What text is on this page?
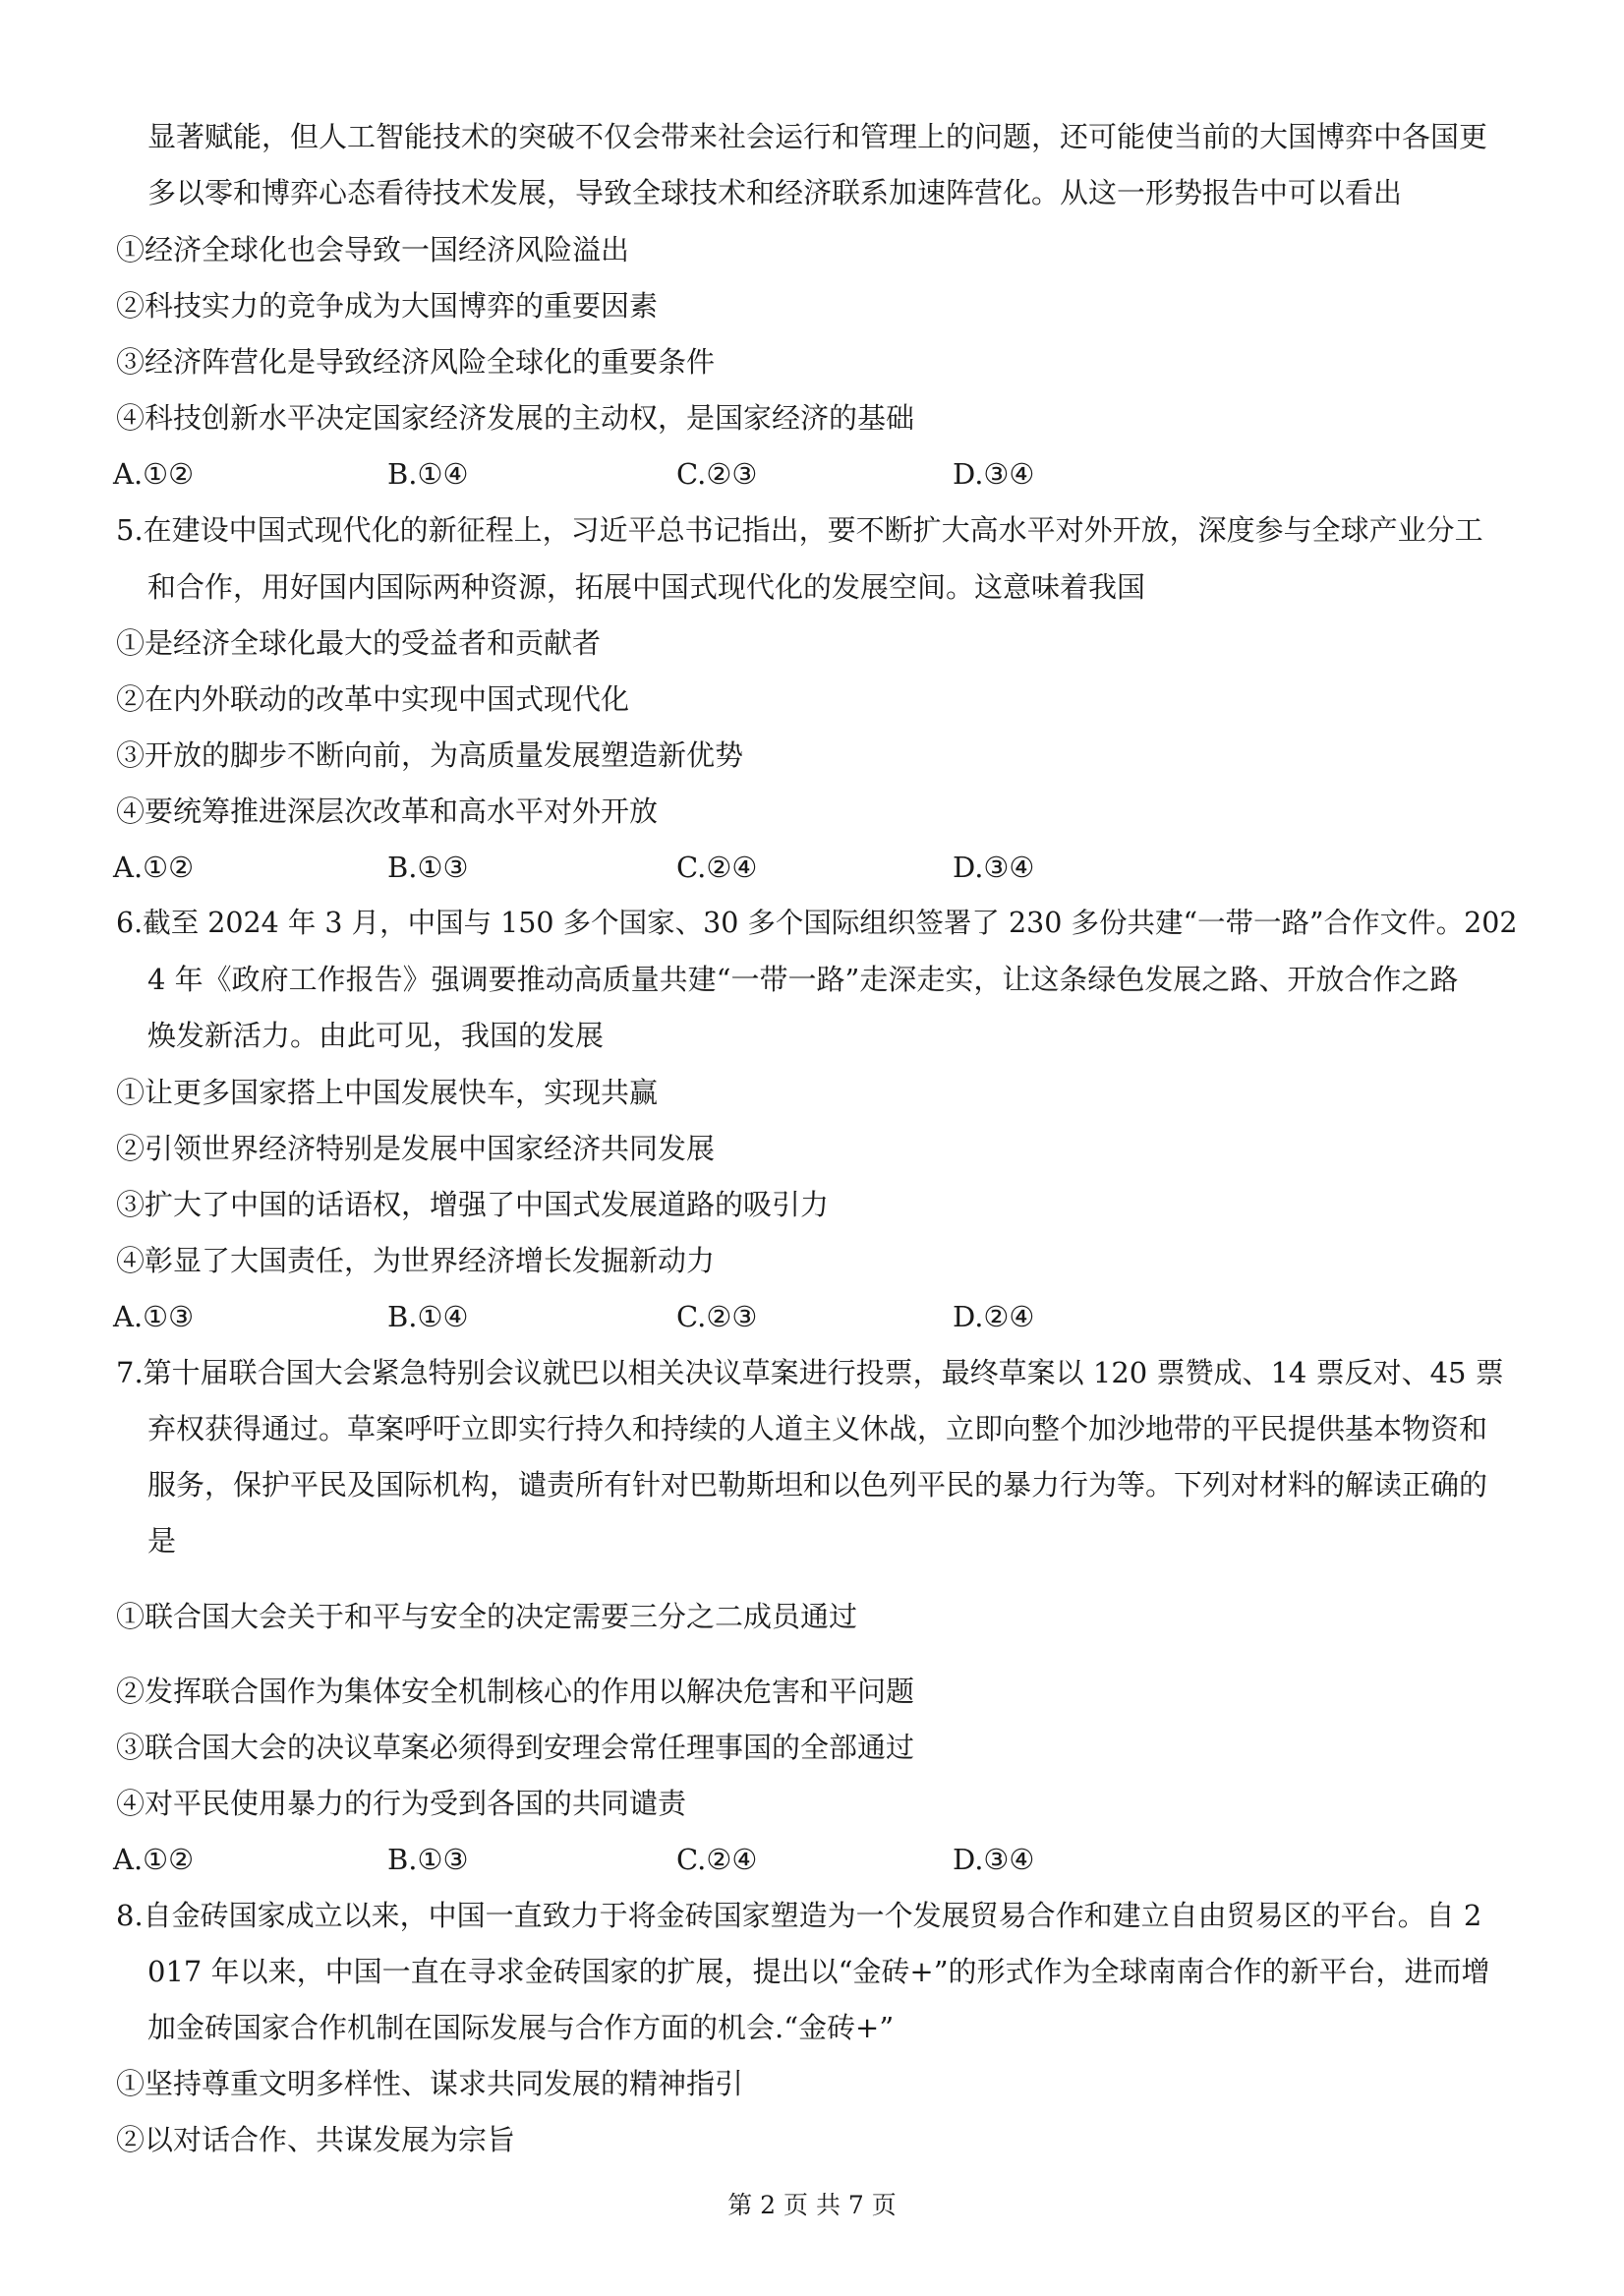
显著赋能，但人工智能技术的突破不仅会带来社会运行和管理上的问题，还可能使当前的大国博弈中各国更
多以零和博弈心态看待技术发展，导致全球技术和经济联系加速阵营化。从这一形势报告中可以看出
①经济全球化也会导致一国经济风险溢出
②科技实力的竞争成为大国博弈的重要因素
③经济阵营化是导致经济风险全球化的重要条件
④科技创新水平决定国家经济发展的主动权，是国家经济的基础
A.①②	B.①④	C.②③	D.③④
5.在建设中国式现代化的新征程上，习近平总书记指出，要不断扩大高水平对外开放，深度参与全球产业分工
和合作，用好国内国际两种资源，拓展中国式现代化的发展空间。这意味着我国
①是经济全球化最大的受益者和贡献者
②在内外联动的改革中实现中国式现代化
③开放的脚步不断向前，为高质量发展塑造新优势
④要统筹推进深层次改革和高水平对外开放
A.①②	B.①③	C.②④	D.③④
6.截至 2024 年 3 月，中国与 150 多个国家、30 多个国际组织签署了 230 多份共建“一带一路”合作文件。202
4 年《政府工作报告》强调要推动高质量共建“一带一路”走深走实，让这条绿色发展之路、开放合作之路
焕发新活力。由此可见，我国的发展
①让更多国家搭上中国发展快车，实现共赢
②引领世界经济特别是发展中国家经济共同发展
③扩大了中国的话语权，增强了中国式发展道路的吸引力
④彰显了大国责任，为世界经济增长发掘新动力
A.①③	B.①④	C.②③	D.②④
7.第十届联合国大会紧急特别会议就巴以相关决议草案进行投票，最终草案以 120 票赞成、14 票反对、45 票
弃权获得通过。草案呼吁立即实行持久和持续的人道主义休战，立即向整个加沙地带的平民提供基本物资和
服务，保护平民及国际机构，谴责所有针对巴勒斯坦和以色列平民的暴力行为等。下列对材料的解读正确的
是
①联合国大会关于和平与安全的决定需要三分之二成员通过
②发挥联合国作为集体安全机制核心的作用以解决危害和平问题
③联合国大会的决议草案必须得到安理会常任理事国的全部通过
④对平民使用暴力的行为受到各国的共同谴责
A.①②	B.①③	C.②④	D.③④
8.自金砖国家成立以来，中国一直致力于将金砖国家塑造为一个发展贸易合作和建立自由贸易区的平台。自 2
017 年以来，中国一直在寻求金砖国家的扩展，提出以“金砖+”的形式作为全球南南合作的新平台，进而增
加金砖国家合作机制在国际发展与合作方面的机会.“金砖+”
①坚持尊重文明多样性、谋求共同发展的精神指引
②以对话合作、共谋发展为宗旨
第 2 页 共 7 页
